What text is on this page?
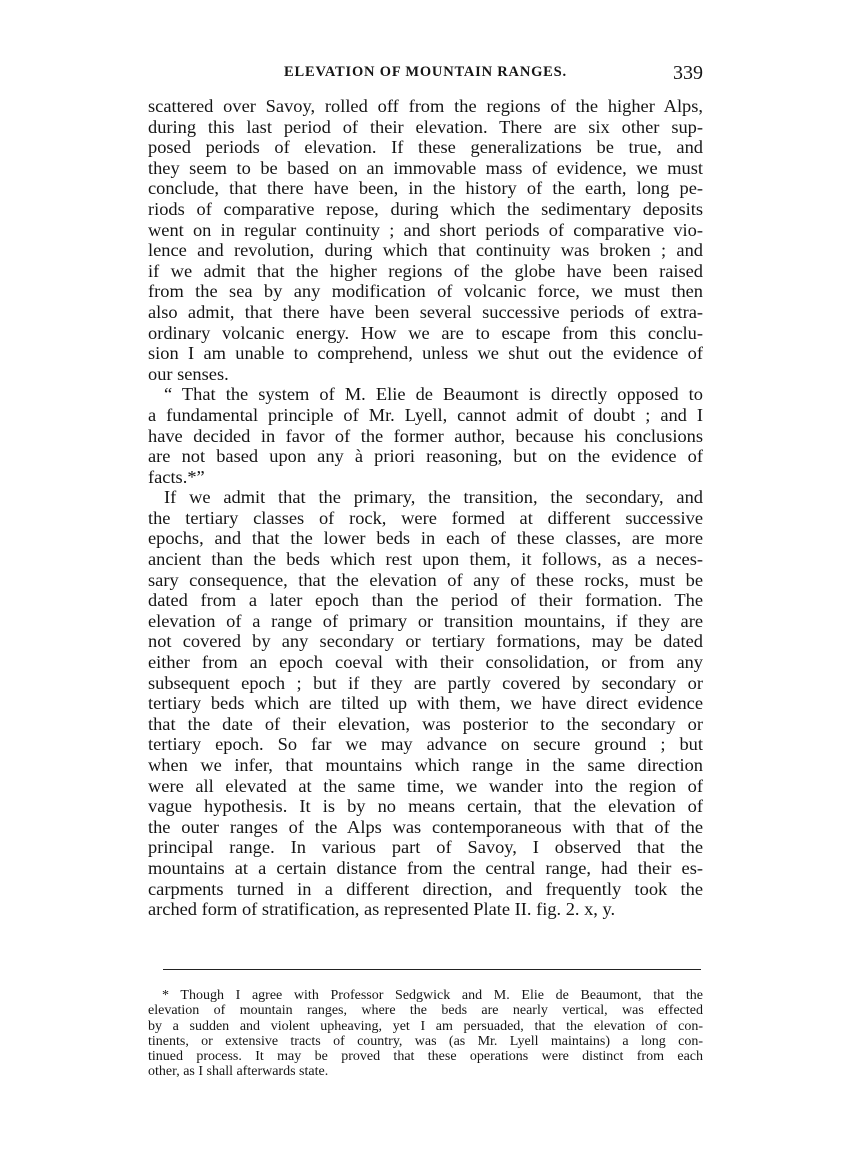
ELEVATION OF MOUNTAIN RANGES.	339
scattered over Savoy, rolled off from the regions of the higher Alps,
during this last period of their elevation. There are six other sup-
posed periods of elevation. If these generalizations be true, and
they seem to be based on an immovable mass of evidence, we must
conclude, that there have been, in the history of the earth, long pe-
riods of comparative repose, during which the sedimentary deposits
went on in regular continuity ; and short periods of comparative vio-
lence and revolution, during which that continuity was broken ; and
if we admit that the higher regions of the globe have been raised
from the sea by any modification of volcanic force, we must then
also admit, that there have been several successive periods of extra-
ordinary volcanic energy. How we are to escape from this conclu-
sion I am unable to comprehend, unless we shut out the evidence of
our senses.
“ That the system of M. Elie de Beaumont is directly opposed to
a fundamental principle of Mr. Lyell, cannot admit of doubt ; and I
have decided in favor of the former author, because his conclusions
are not based upon any à priori reasoning, but on the evidence of
facts.*”
If we admit that the primary, the transition, the secondary, and
the tertiary classes of rock, were formed at different successive
epochs, and that the lower beds in each of these classes, are more
ancient than the beds which rest upon them, it follows, as a neces-
sary consequence, that the elevation of any of these rocks, must be
dated from a later epoch than the period of their formation. The
elevation of a range of primary or transition mountains, if they are
not covered by any secondary or tertiary formations, may be dated
either from an epoch coeval with their consolidation, or from any
subsequent epoch ; but if they are partly covered by secondary or
tertiary beds which are tilted up with them, we have direct evidence
that the date of their elevation, was posterior to the secondary or
tertiary epoch. So far we may advance on secure ground ; but
when we infer, that mountains which range in the same direction
were all elevated at the same time, we wander into the region of
vague hypothesis. It is by no means certain, that the elevation of
the outer ranges of the Alps was contemporaneous with that of the
principal range. In various part of Savoy, I observed that the
mountains at a certain distance from the central range, had their es-
carpments turned in a different direction, and frequently took the
arched form of stratification, as represented Plate II. fig. 2. x, y.
* Though I agree with Professor Sedgwick and M. Elie de Beaumont, that the
elevation of mountain ranges, where the beds are nearly vertical, was effected
by a sudden and violent upheaving, yet I am persuaded, that the elevation of con-
tinents, or extensive tracts of country, was (as Mr. Lyell maintains) a long con-
tinued process. It may be proved that these operations were distinct from each
other, as I shall afterwards state.
